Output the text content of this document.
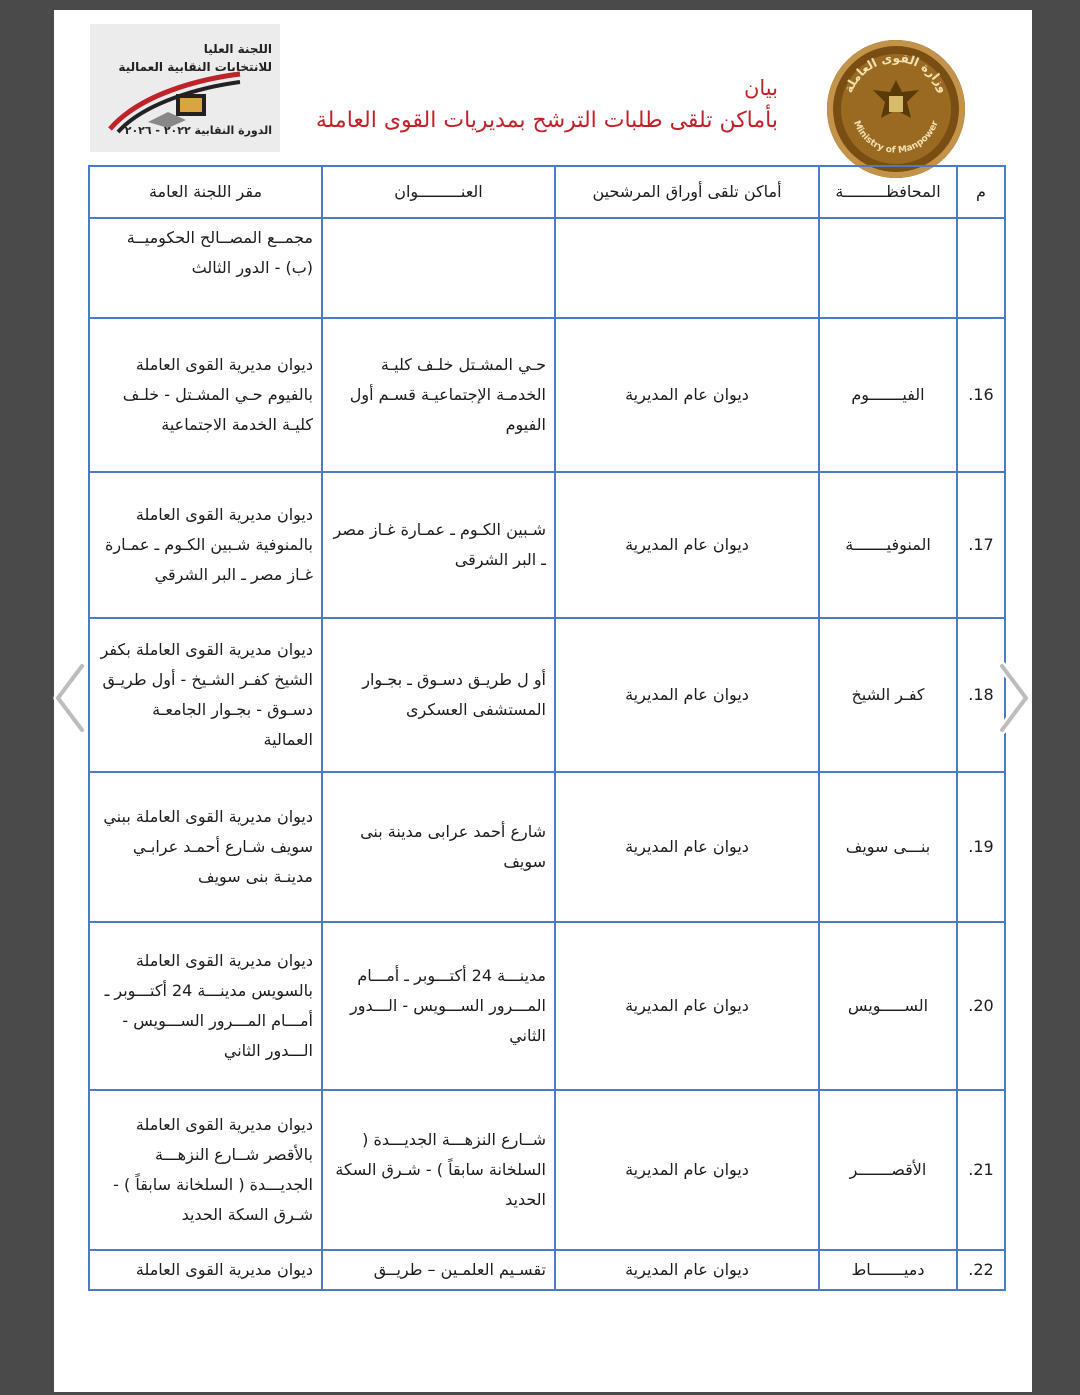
اللجنة العليا
للانتخابات النقابية العمالية
الدورة النقابية ٢٠٢٢ - ٢٠٢٦
بيان
بأماكن تلقى طلبات الترشح بمديريات القوى العاملة
وزارة القوى العاملة
Ministry of Manpower
م	المحافظـــــــــة	أماكن تلقى أوراق المرشحين	العنـــــــــوان	مقر اللجنة العامة
				مجمــع المصــالح الحكوميــة (ب) - الدور الثالث
.16	الفيـــــــوم	ديوان عام المديرية	حـي المشـتل خلـف كليـة الخدمـة الإجتماعيـة قسـم أول الفيوم	ديوان مديرية القوى العاملة بالفيوم حـي المشـتل - خلـف كليـة الخدمة الاجتماعية
.17	المنوفيـــــــة	ديوان عام المديرية	شـبين الكـوم ـ عمـارة غـاز مصر ـ البر الشرقى	ديوان مديرية القوى العاملة بالمنوفية شـبين الكـوم ـ عمـارة غـاز مصر ـ البر الشرقي
.18	كفـر الشيخ	ديوان عام المديرية	أو ل طريـق دسـوق ـ بجـوار المستشفى العسكرى	ديوان مديرية القوى العاملة بكفر الشيخ كفـر الشـيخ - أول طريـق دسـوق - بجـوار الجامعـة العمالية
.19	بنـــى سويف	ديوان عام المديرية	شارع أحمد عرابى مدينة بنى سويف	ديوان مديرية القوى العاملة ببني سويف شـارع أحمـد عرابـي مدينـة بنى سويف
.20	الســـــويس	ديوان عام المديرية	مدينـــة 24 أكتـــوبر ـ أمـــام المـــرور الســـويس - الـــدور الثاني	ديوان مديرية القوى العاملة بالسويس مدينـــة 24 أكتـــوبر ـ أمـــام المـــرور الســـويس - الـــدور الثاني
.21	الأقصـــــــر	ديوان عام المديرية	شــارع النزهـــة الجديـــدة ( السلخانة سابقاً ) - شـرق السكة الحديد	ديوان مديرية القوى العاملة بالأقصر شــارع النزهـــة الجديـــدة ( السلخانة سابقاً ) - شـرق السكة الحديد
.22	دميـــــــاط	ديوان عام المديرية	تقسـيم العلمـين – طريــق	ديوان مديرية القوى العاملة
